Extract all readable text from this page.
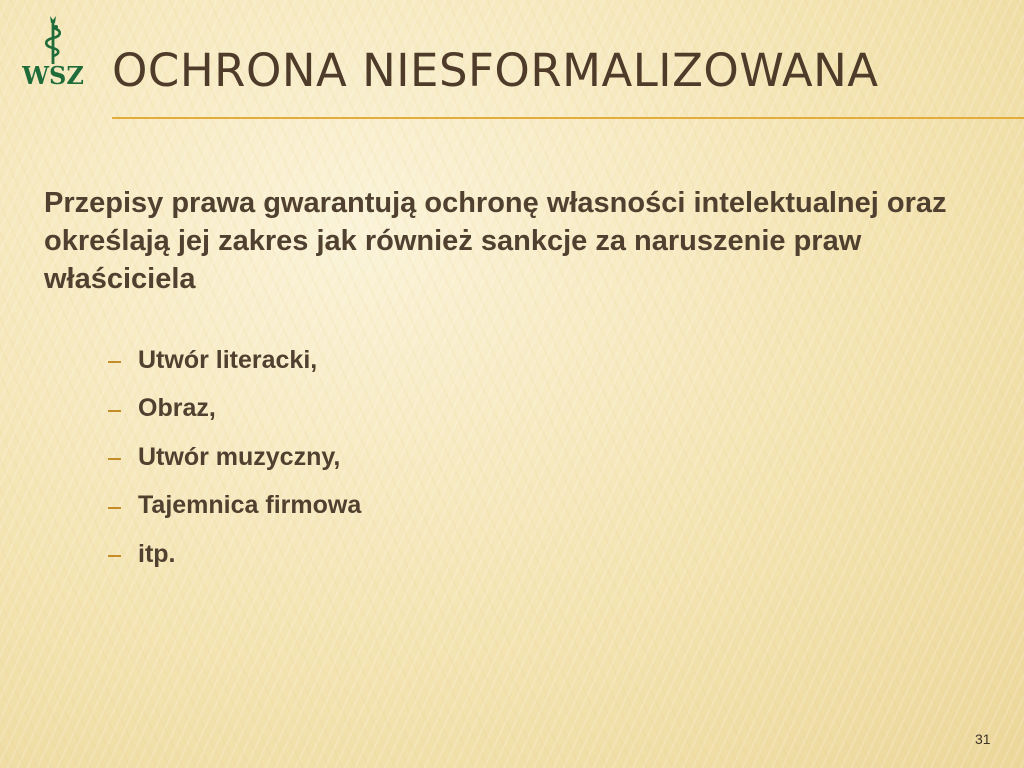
WSZ OCHRONA NIESFORMALIZOWANA

Przepisy prawa gwarantują ochronę własności intelektualnej oraz określają jej zakres jak również sankcje za naruszenie praw właściciela

Utwór literacki,
Obraz,
Utwór muzyczny,
Tajemnica firmowa
itp.
31
